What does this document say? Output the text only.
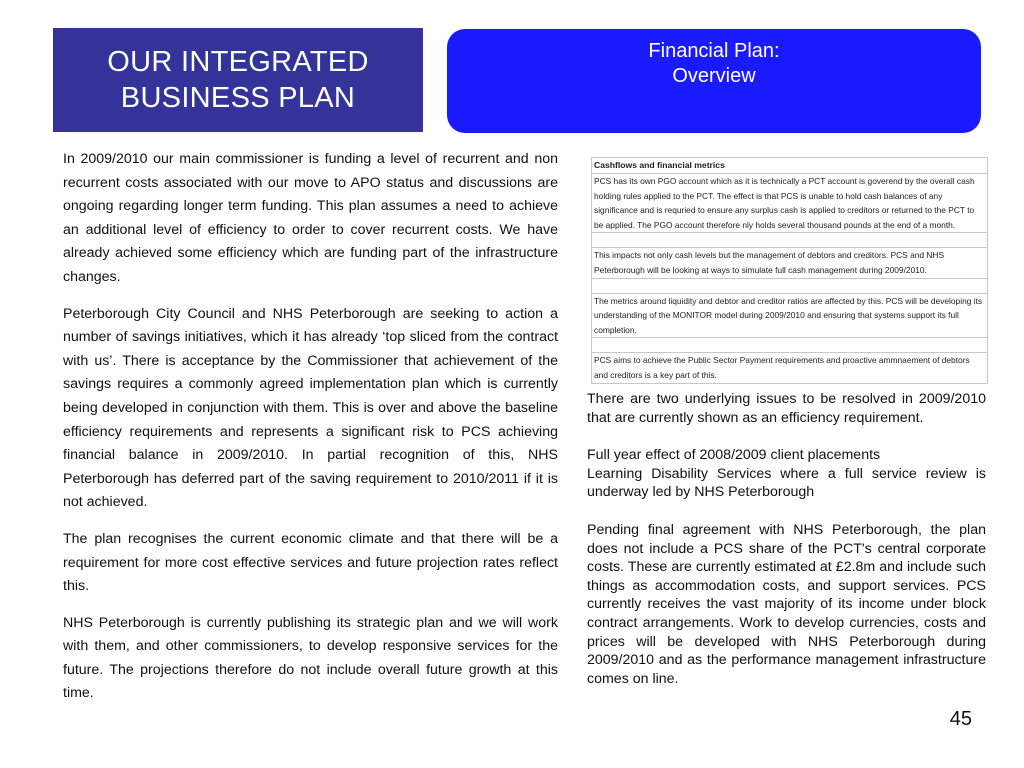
OUR INTEGRATED
BUSINESS PLAN
Financial Plan:
Overview

In 2009/2010 our main commissioner is funding a level of recurrent and non recurrent costs associated with our move to APO status and discussions are ongoing regarding longer term funding. This plan assumes a need to achieve an additional level of efficiency to order to cover recurrent costs. We have already achieved some efficiency which are funding part of the infrastructure changes.

Peterborough City Council and NHS Peterborough are seeking to action a number of savings initiatives, which it has already ‘top sliced from the contract with us’. There is acceptance by the Commissioner that achievement of the savings requires a commonly agreed implementation plan which is currently being developed in conjunction with them. This is over and above the baseline efficiency requirements and represents a significant risk to PCS achieving financial balance in 2009/2010. In partial recognition of this, NHS Peterborough has deferred part of the saving requirement to 2010/2011 if it is not achieved.

The plan recognises the current economic climate and that there will be a requirement for more cost effective services and future projection rates reflect this.

NHS Peterborough is currently publishing its strategic plan and we will work with them, and other commissioners, to develop responsive services for the future. The projections therefore do not include overall future growth at this time.

Cashflows and financial metrics
PCS has its own PGO account which as it is technically a PCT account is goverend by the overall cash holding rules applied to the PCT. The effect is that PCS is unable to hold cash balances of any significance and is requried to ensure any surplus cash is applied to creditors or returned to the PCT to be applied. The PGO account therefore nly holds several thousand pounds at the end of a month.

This impacts not only cash levels but the management of debtors and creditors. PCS and NHS Peterborough will be looking at ways to simulate full cash management during 2009/2010.

The metrics around liquidity and debtor and creditor ratios are affected by this. PCS will be developing its understanding of the MONITOR model during 2009/2010 and ensuring that systems support its full completion.

PCS aims to achieve the Public Sector Payment requirements and proactive ammnaement of debtors and creditors is a key part of this.

There are two underlying issues to be resolved in 2009/2010 that are currently shown as an efficiency requirement.

Full year effect of 2008/2009 client placements

Learning Disability Services where a full service review is underway led by NHS Peterborough

Pending final agreement with NHS Peterborough, the plan does not include a PCS share of the PCT's central corporate costs. These are currently estimated at £2.8m and include such things as accommodation costs, and support services. PCS currently receives the vast majority of its income under block contract arrangements. Work to develop currencies, costs and prices will be developed with NHS Peterborough during 2009/2010 and as the performance management infrastructure comes on line.

45
